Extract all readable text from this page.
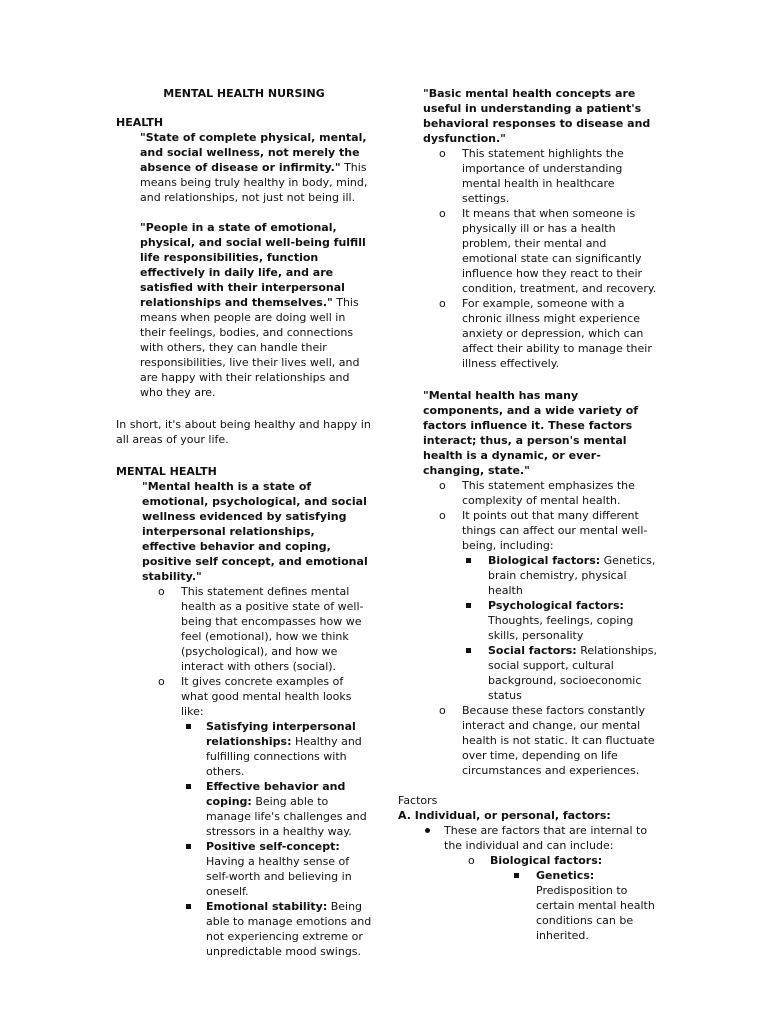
MENTAL HEALTH NURSING
HEALTH

"State of complete physical, mental, and social wellness, not merely the absence of disease or infirmity." This means being truly healthy in body, mind, and relationships, not just not being ill.

"People in a state of emotional, physical, and social well-being fulfill life responsibilities, function effectively in daily life, and are satisfied with their interpersonal relationships and themselves." This means when people are doing well in their feelings, bodies, and connections with others, they can handle their responsibilities, live their lives well, and are happy with their relationships and who they are.

In short, it's about being healthy and happy in all areas of your life.

MENTAL HEALTH

"Mental health is a state of emotional, psychological, and social wellness evidenced by satisfying interpersonal relationships, effective behavior and coping, positive self concept, and emotional stability."

o This statement defines mental health as a positive state of well-being that encompasses how we feel (emotional), how we think (psychological), and how we interact with others (social).
o It gives concrete examples of what good mental health looks like:
Satisfying interpersonal relationships: Healthy and fulfilling connections with others.
Effective behavior and coping: Being able to manage life's challenges and stressors in a healthy way.
Positive self-concept: Having a healthy sense of self-worth and believing in oneself.
Emotional stability: Being able to manage emotions and not experiencing extreme or unpredictable mood swings.

"Basic mental health concepts are useful in understanding a patient's behavioral responses to disease and dysfunction."

o This statement highlights the importance of understanding mental health in healthcare settings.
o It means that when someone is physically ill or has a health problem, their mental and emotional state can significantly influence how they react to their condition, treatment, and recovery.
o For example, someone with a chronic illness might experience anxiety or depression, which can affect their ability to manage their illness effectively.

"Mental health has many components, and a wide variety of factors influence it. These factors interact; thus, a person's mental health is a dynamic, or ever-changing, state."

o This statement emphasizes the complexity of mental health.
o It points out that many different things can affect our mental well-being, including:
Biological factors: Genetics, brain chemistry, physical health
Psychological factors: Thoughts, feelings, coping skills, personality
Social factors: Relationships, social support, cultural background, socioeconomic status
o Because these factors constantly interact and change, our mental health is not static. It can fluctuate over time, depending on life circumstances and experiences.

Factors

A. Individual, or personal, factors:

These are factors that are internal to the individual and can include:
o Biological factors:
Genetics:
Predisposition to certain mental health conditions can be inherited.
